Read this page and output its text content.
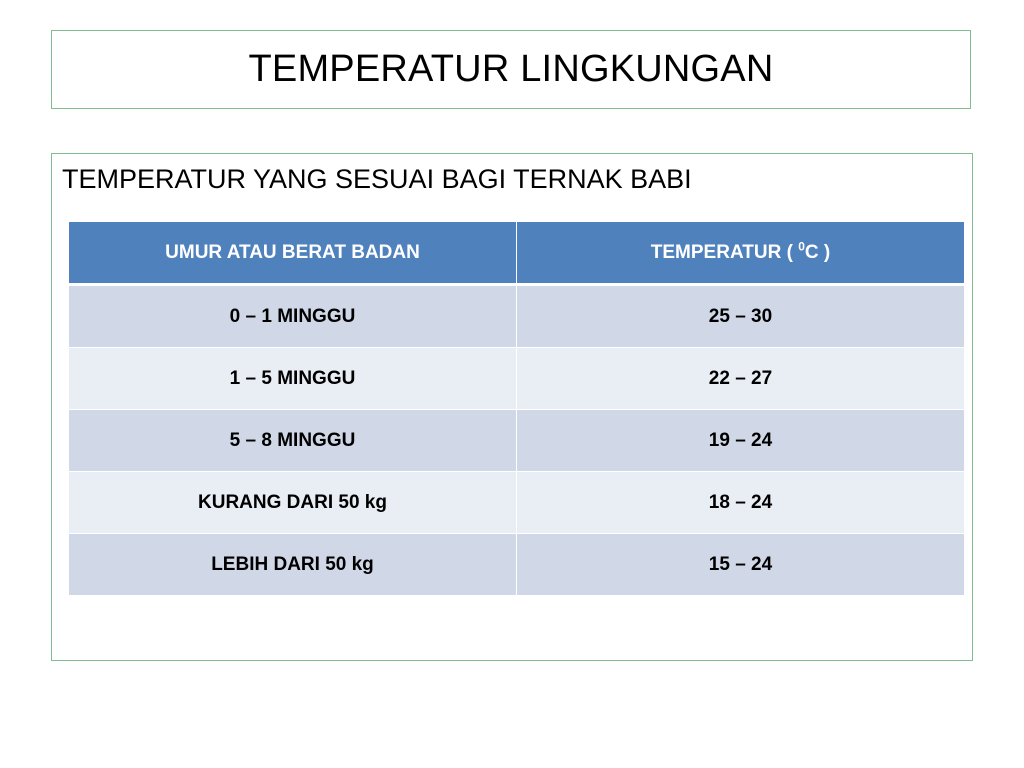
TEMPERATUR LINGKUNGAN

TEMPERATUR YANG SESUAI BAGI TERNAK BABI

UMUR ATAU BERAT BADAN	TEMPERATUR ( $^0$C )
0 – 1 MINGGU	25 – 30
1 – 5 MINGGU	22 – 27
5 – 8 MINGGU	19 – 24
KURANG DARI 50 kg	18 – 24
LEBIH DARI 50 kg	15 – 24
